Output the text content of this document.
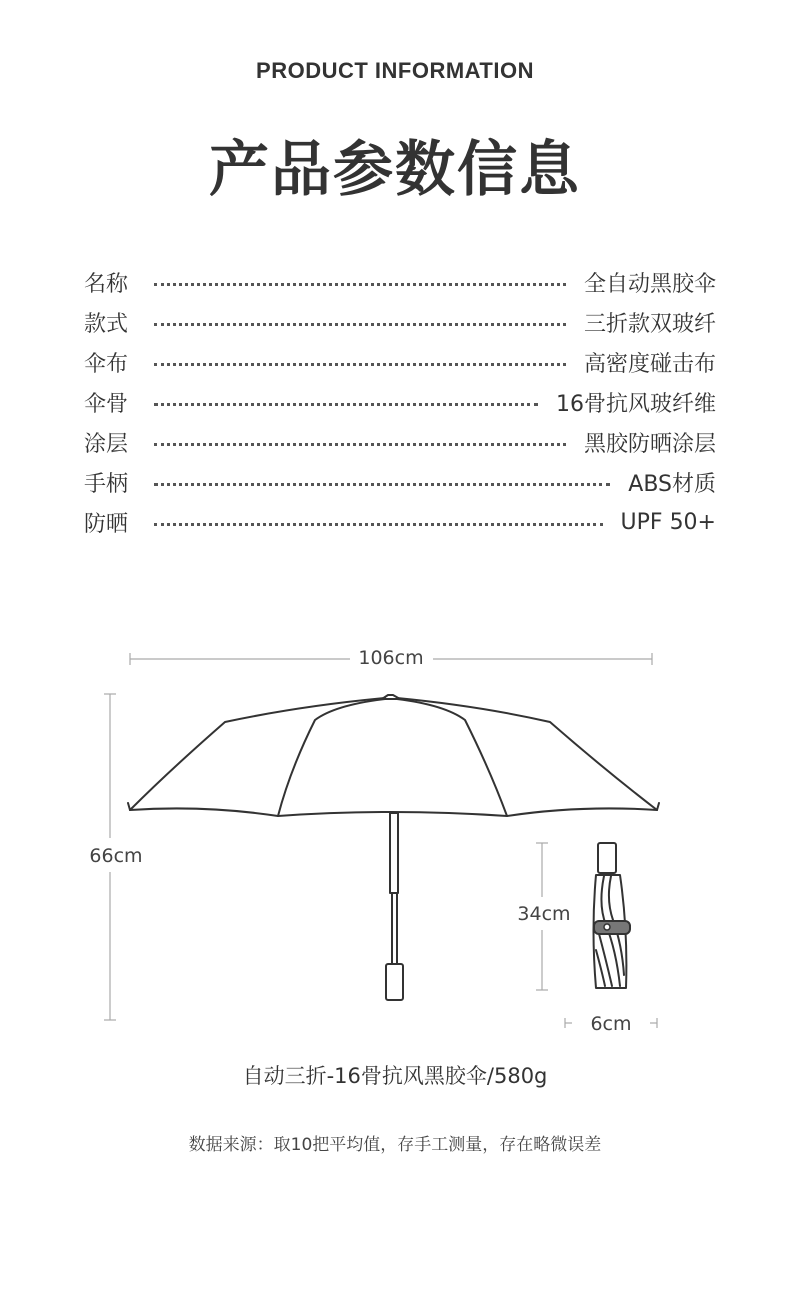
PRODUCT INFORMATION
产品参数信息
名称	全自动黑胶伞
款式	三折款双玻纤
伞布	高密度碰击布
伞骨	16骨抗风玻纤维
涂层	黑胶防晒涂层
手柄	ABS材质
防晒	UPF 50+
106cm
66cm
34cm
6cm
自动三折-16骨抗风黑胶伞/580g
数据来源：取10把平均值，存手工测量，存在略微误差
